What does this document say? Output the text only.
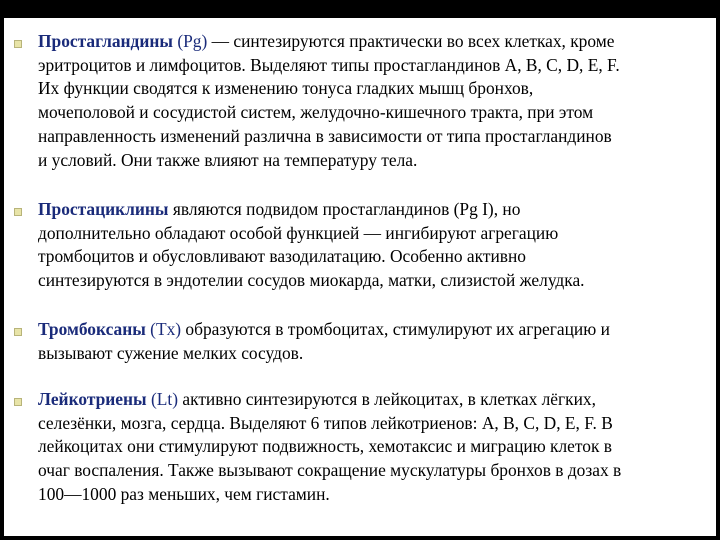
Простагландины (Pg) — синтезируются практически во всех клетках, кроме
эритроцитов и лимфоцитов. Выделяют типы простагландинов A, B, C, D, E, F.
Их функции сводятся к изменению тонуса гладких мышц бронхов,
мочеполовой и сосудистой систем, желудочно-кишечного тракта, при этом
направленность изменений различна в зависимости от типа простагландинов
и условий. Они также влияют на температуру тела.

Простациклины являются подвидом простагландинов (Pg I), но
дополнительно обладают особой функцией — ингибируют агрегацию
тромбоцитов и обусловливают вазодилатацию. Особенно активно
синтезируются в эндотелии сосудов миокарда, матки, слизистой желудка.

Тромбоксаны (Tx) образуются в тромбоцитах, стимулируют их агрегацию и
вызывают сужение мелких сосудов.

Лейкотриены (Lt) активно синтезируются в лейкоцитах, в клетках лёгких,
селезёнки, мозга, сердца. Выделяют 6 типов лейкотриенов: A, B, C, D, E, F. В
лейкоцитах они стимулируют подвижность, хемотаксис и миграцию клеток в
очаг воспаления. Также вызывают сокращение мускулатуры бронхов в дозах в
100—1000 раз меньших, чем гистамин.
